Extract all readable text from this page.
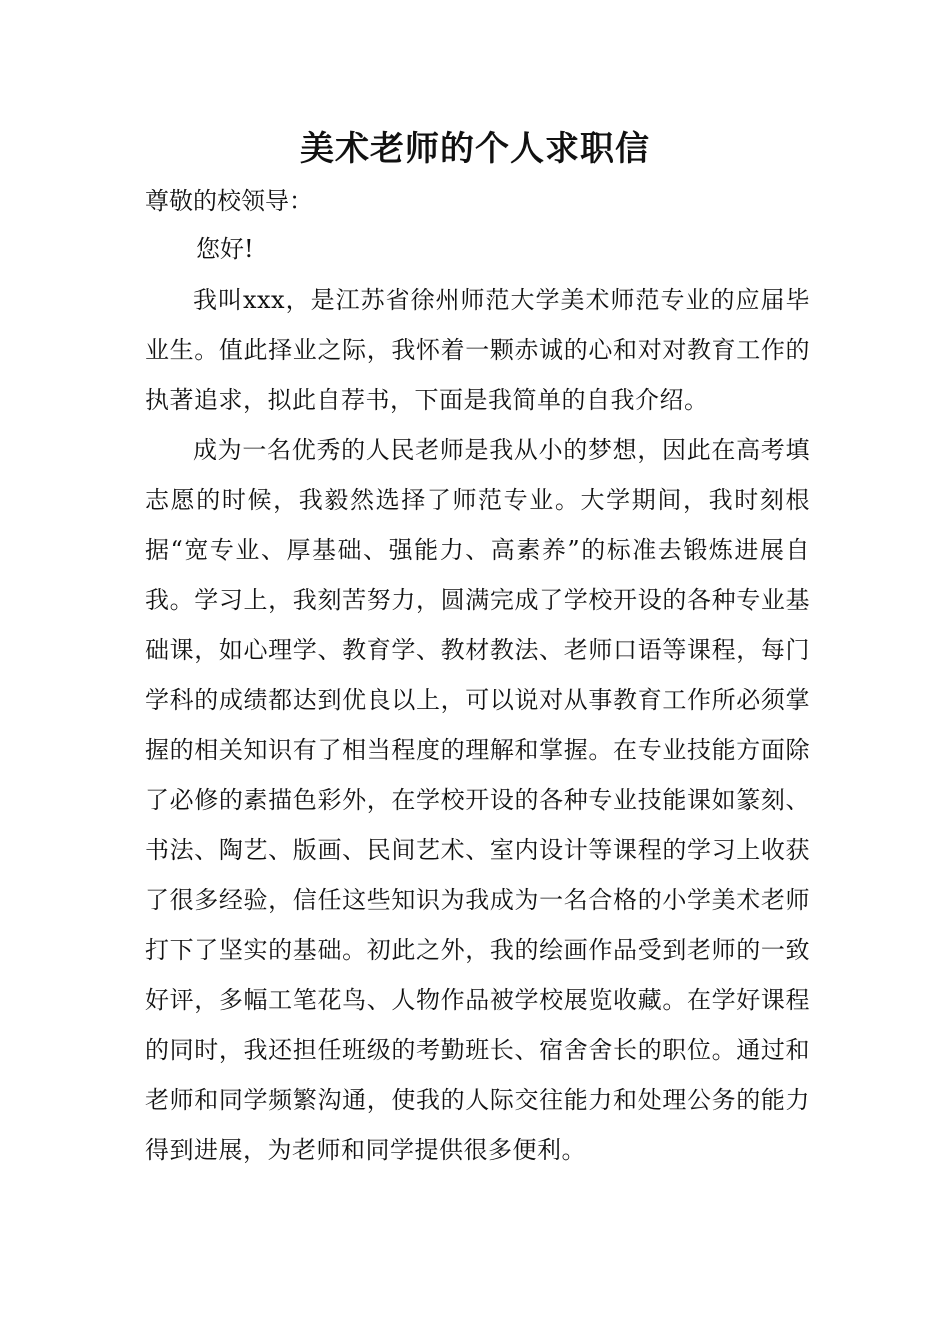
美术老师的个人求职信

尊敬的校领导：

您好!

我叫xxx，是江苏省徐州师范大学美术师范专业的应届毕业生。值此择业之际，我怀着一颗赤诚的心和对对教育工作的执著追求，拟此自荐书，下面是我简单的自我介绍。

成为一名优秀的人民老师是我从小的梦想，因此在高考填志愿的时候，我毅然选择了师范专业。大学期间，我时刻根据“宽专业、厚基础、强能力、高素养”的标准去锻炼进展自我。学习上，我刻苦努力，圆满完成了学校开设的各种专业基础课，如心理学、教育学、教材教法、老师口语等课程，每门学科的成绩都达到优良以上，可以说对从事教育工作所必须掌握的相关知识有了相当程度的理解和掌握。在专业技能方面除了必修的素描色彩外，在学校开设的各种专业技能课如篆刻、书法、陶艺、版画、民间艺术、室内设计等课程的学习上收获了很多经验，信任这些知识为我成为一名合格的小学美术老师打下了坚实的基础。初此之外，我的绘画作品受到老师的一致好评，多幅工笔花鸟、人物作品被学校展览收藏。在学好课程的同时，我还担任班级的考勤班长、宿舍舍长的职位。通过和老师和同学频繁沟通，使我的人际交往能力和处理公务的能力得到进展，为老师和同学提供很多便利。
